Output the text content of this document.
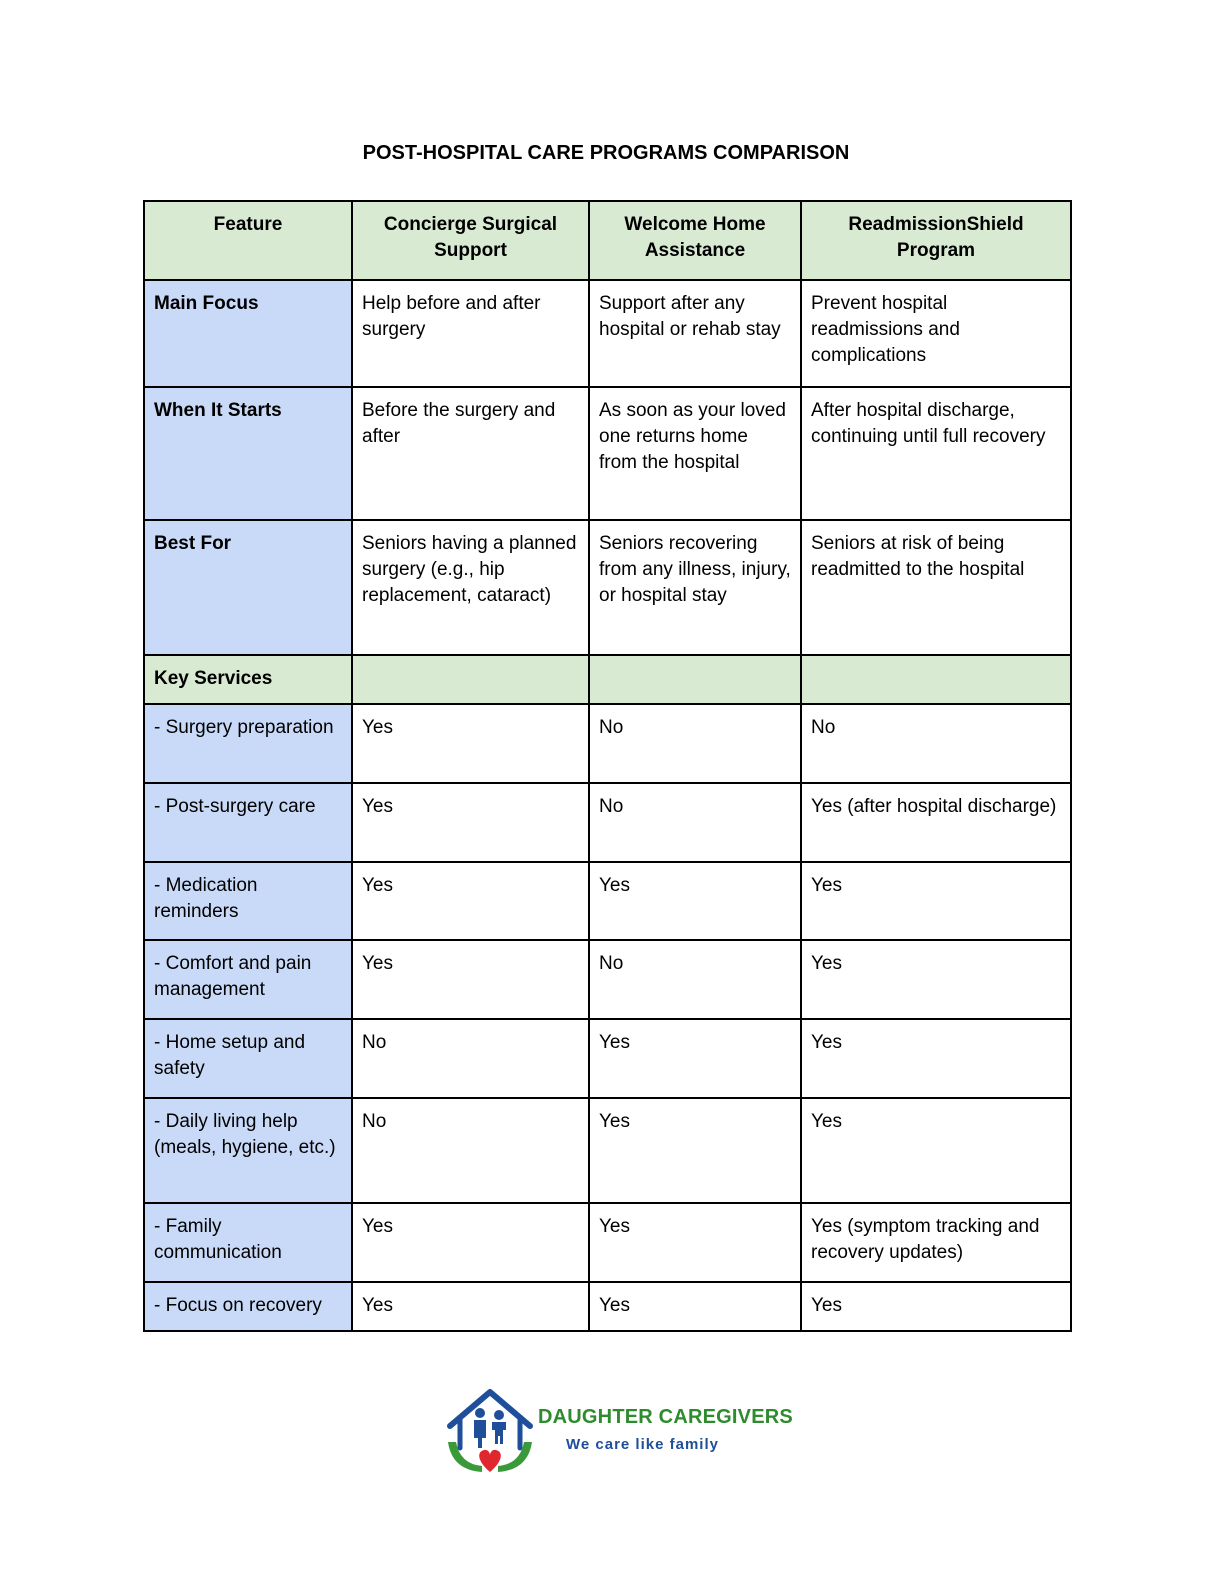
POST-HOSPITAL CARE PROGRAMS COMPARISON
Feature	Concierge Surgical Support	Welcome Home Assistance	ReadmissionShield Program
Main Focus	Help before and after surgery	Support after any hospital or rehab stay	Prevent hospital readmissions and complications
When It Starts	Before the surgery and after	As soon as your loved one returns home from the hospital	After hospital discharge, continuing until full recovery
Best For	Seniors having a planned surgery (e.g., hip replacement, cataract)	Seniors recovering from any illness, injury, or hospital stay	Seniors at risk of being readmitted to the hospital
Key Services			
- Surgery preparation	Yes	No	No
- Post-surgery care	Yes	No	Yes (after hospital discharge)
- Medication reminders	Yes	Yes	Yes
- Comfort and pain management	Yes	No	Yes
- Home setup and safety	No	Yes	Yes
- Daily living help (meals, hygiene, etc.)	No	Yes	Yes
- Family communication	Yes	Yes	Yes (symptom tracking and recovery updates)
- Focus on recovery	Yes	Yes	Yes
DAUGHTER CAREGIVERS
We care like family
